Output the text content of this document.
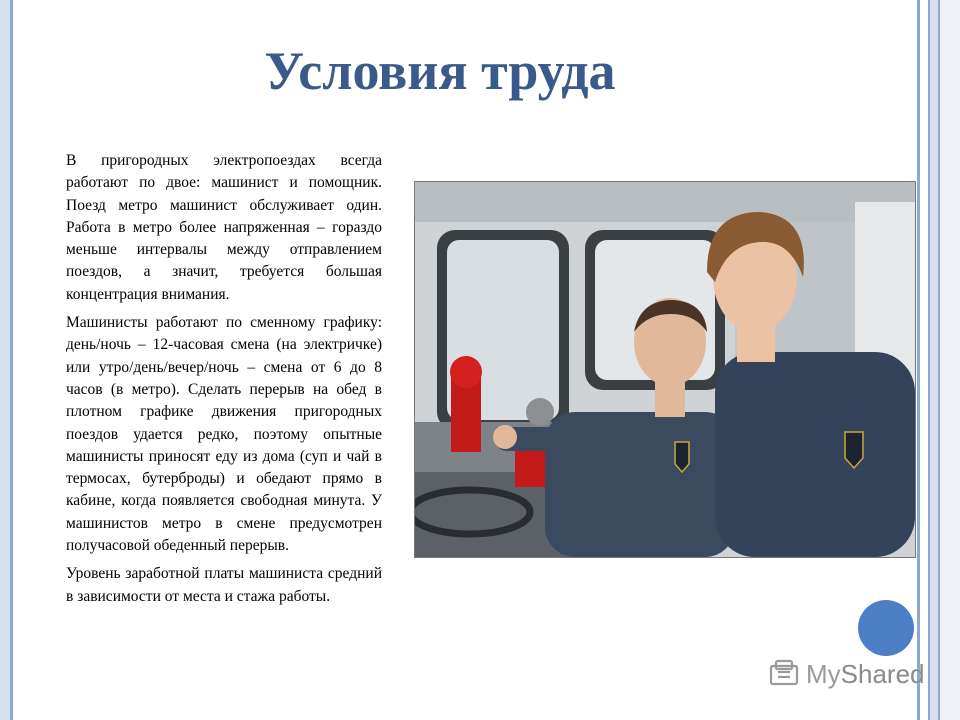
Условия труда

В пригородных электропоездах всегда работают по двое: машинист и помощник. Поезд метро машинист обслуживает один. Работа в метро более напряженная – гораздо меньше интервалы между отправлением поездов, а значит, требуется большая концентрация внимания.

Машинисты работают по сменному графику: день/ночь – 12-часовая смена (на электричке) или утро/день/вечер/ночь – смена от 6 до 8 часов (в метро). Сделать перерыв на обед в плотном графике движения пригородных поездов удается редко, поэтому опытные машинисты приносят еду из дома (суп и чай в термосах, бутерброды) и обедают прямо в кабине, когда появляется свободная минута. У машинистов метро в смене предусмотрен получасовой обеденный перерыв.

Уровень заработной платы машиниста средний в зависимости от места и стажа работы.

My Shared
